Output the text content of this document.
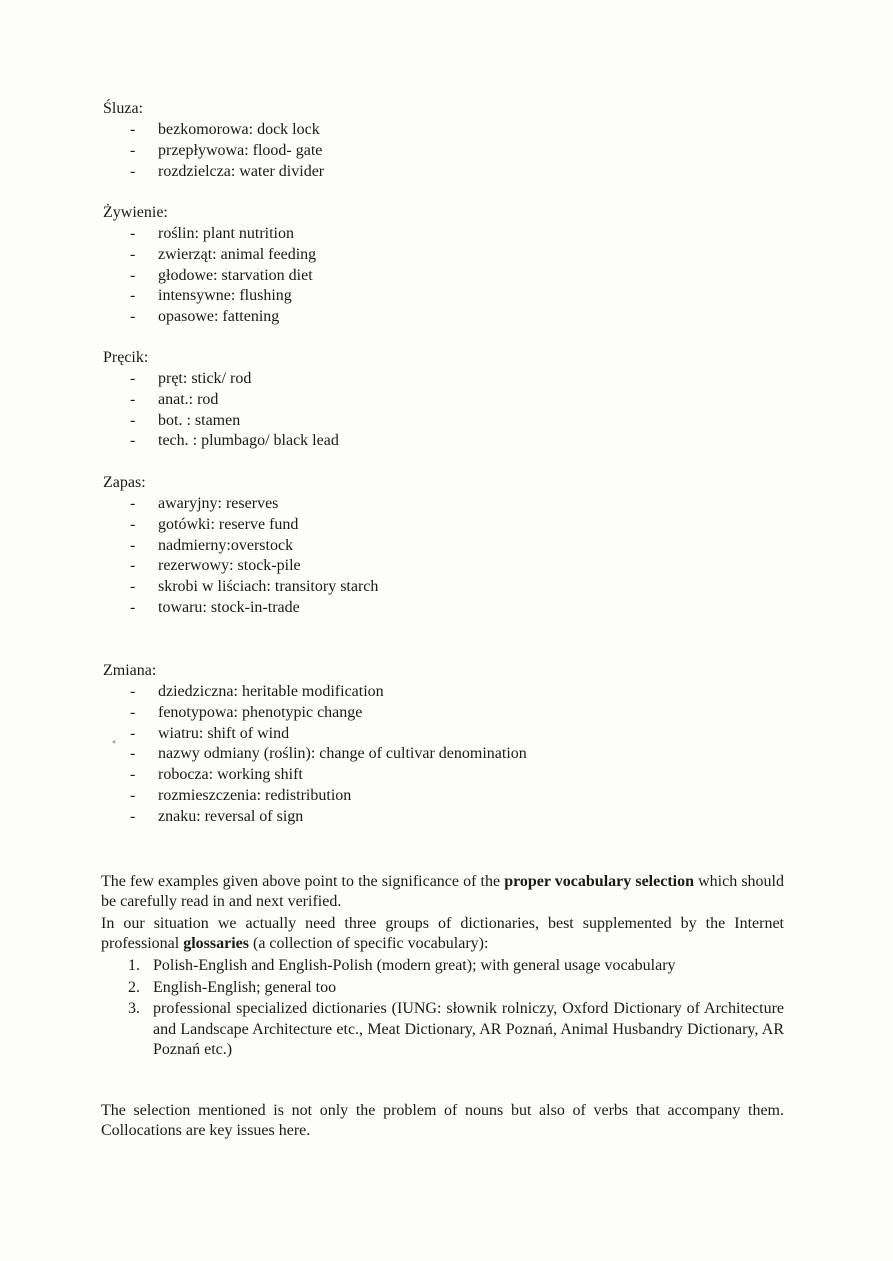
Śluza:

- bezkomorowa: dock lock
- przepływowa: flood- gate
- rozdzielcza: water divider

Żywienie:

- roślin: plant nutrition
- zwierząt: animal feeding
- głodowe: starvation diet
- intensywne: flushing
- opasowe: fattening

Pręcik:

- pręt: stick/ rod
- anat.: rod
- bot. : stamen
- tech. : plumbago/ black lead

Zapas:

- awaryjny: reserves
- gotówki: reserve fund
- nadmierny:overstock
- rezerwowy: stock-pile
- skrobi w liściach: transitory starch
- towaru: stock-in-trade

Zmiana:

- dziedziczna: heritable modification
- fenotypowa: phenotypic change
- wiatru: shift of wind
- nazwy odmiany (roślin): change of cultivar denomination
- robocza: working shift
- rozmieszczenia: redistribution
- znaku: reversal of sign
«

The few examples given above point to the significance of the proper vocabulary selection which should be carefully read in and next verified.

In our situation we actually need three groups of dictionaries, best supplemented by the Internet professional glossaries (a collection of specific vocabulary):

1. Polish-English and English-Polish (modern great); with general usage vocabulary
2. English-English; general too
3. professional specialized dictionaries (IUNG: słownik rolniczy, Oxford Dictionary of Architecture and Landscape Architecture etc., Meat Dictionary, AR Poznań, Animal Husbandry Dictionary, AR Poznań etc.)

The selection mentioned is not only the problem of nouns but also of verbs that accompany them. Collocations are key issues here.
